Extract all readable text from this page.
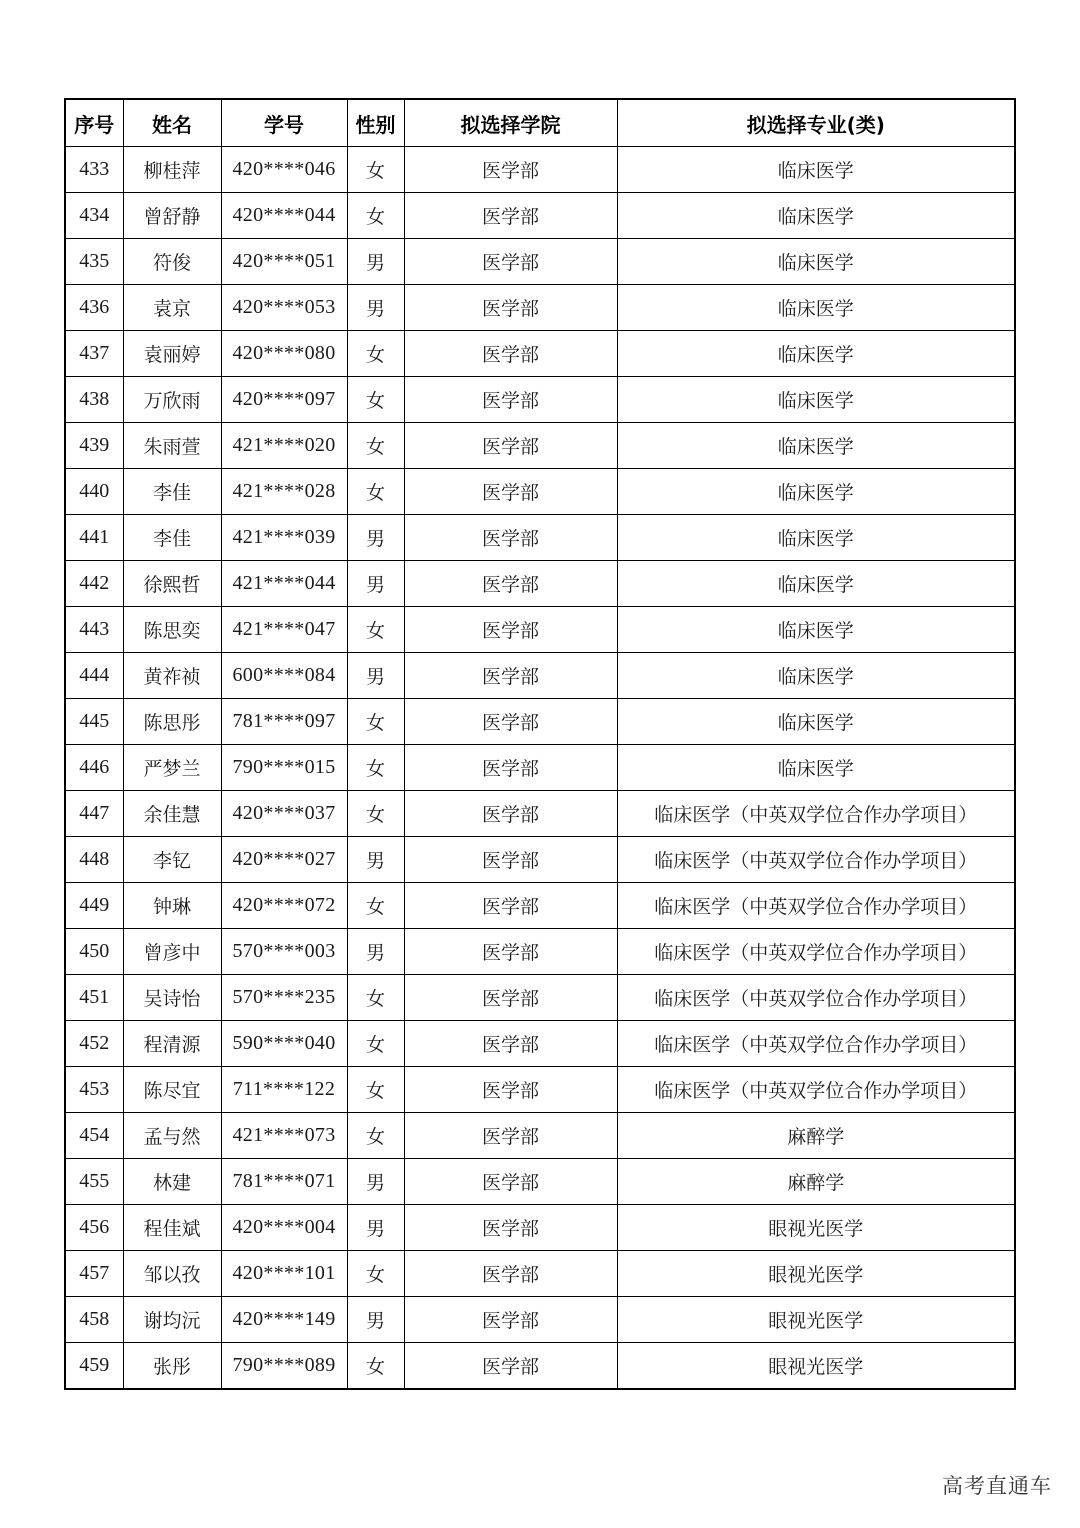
序号	姓名	学号	性别	拟选择学院	拟选择专业(类)
433	柳桂萍	420****046	女	医学部	临床医学
434	曾舒静	420****044	女	医学部	临床医学
435	符俊	420****051	男	医学部	临床医学
436	袁京	420****053	男	医学部	临床医学
437	袁丽婷	420****080	女	医学部	临床医学
438	万欣雨	420****097	女	医学部	临床医学
439	朱雨萱	421****020	女	医学部	临床医学
440	李佳	421****028	女	医学部	临床医学
441	李佳	421****039	男	医学部	临床医学
442	徐熙哲	421****044	男	医学部	临床医学
443	陈思奕	421****047	女	医学部	临床医学
444	黄祚祯	600****084	男	医学部	临床医学
445	陈思彤	781****097	女	医学部	临床医学
446	严梦兰	790****015	女	医学部	临床医学
447	余佳慧	420****037	女	医学部	临床医学（中英双学位合作办学项目）
448	李钇	420****027	男	医学部	临床医学（中英双学位合作办学项目）
449	钟琳	420****072	女	医学部	临床医学（中英双学位合作办学项目）
450	曾彦中	570****003	男	医学部	临床医学（中英双学位合作办学项目）
451	吴诗怡	570****235	女	医学部	临床医学（中英双学位合作办学项目）
452	程清源	590****040	女	医学部	临床医学（中英双学位合作办学项目）
453	陈尽宜	711****122	女	医学部	临床医学（中英双学位合作办学项目）
454	孟与然	421****073	女	医学部	麻醉学
455	林建	781****071	男	医学部	麻醉学
456	程佳斌	420****004	男	医学部	眼视光医学
457	邹以孜	420****101	女	医学部	眼视光医学
458	谢均沅	420****149	男	医学部	眼视光医学
459	张彤	790****089	女	医学部	眼视光医学
高考直通车
